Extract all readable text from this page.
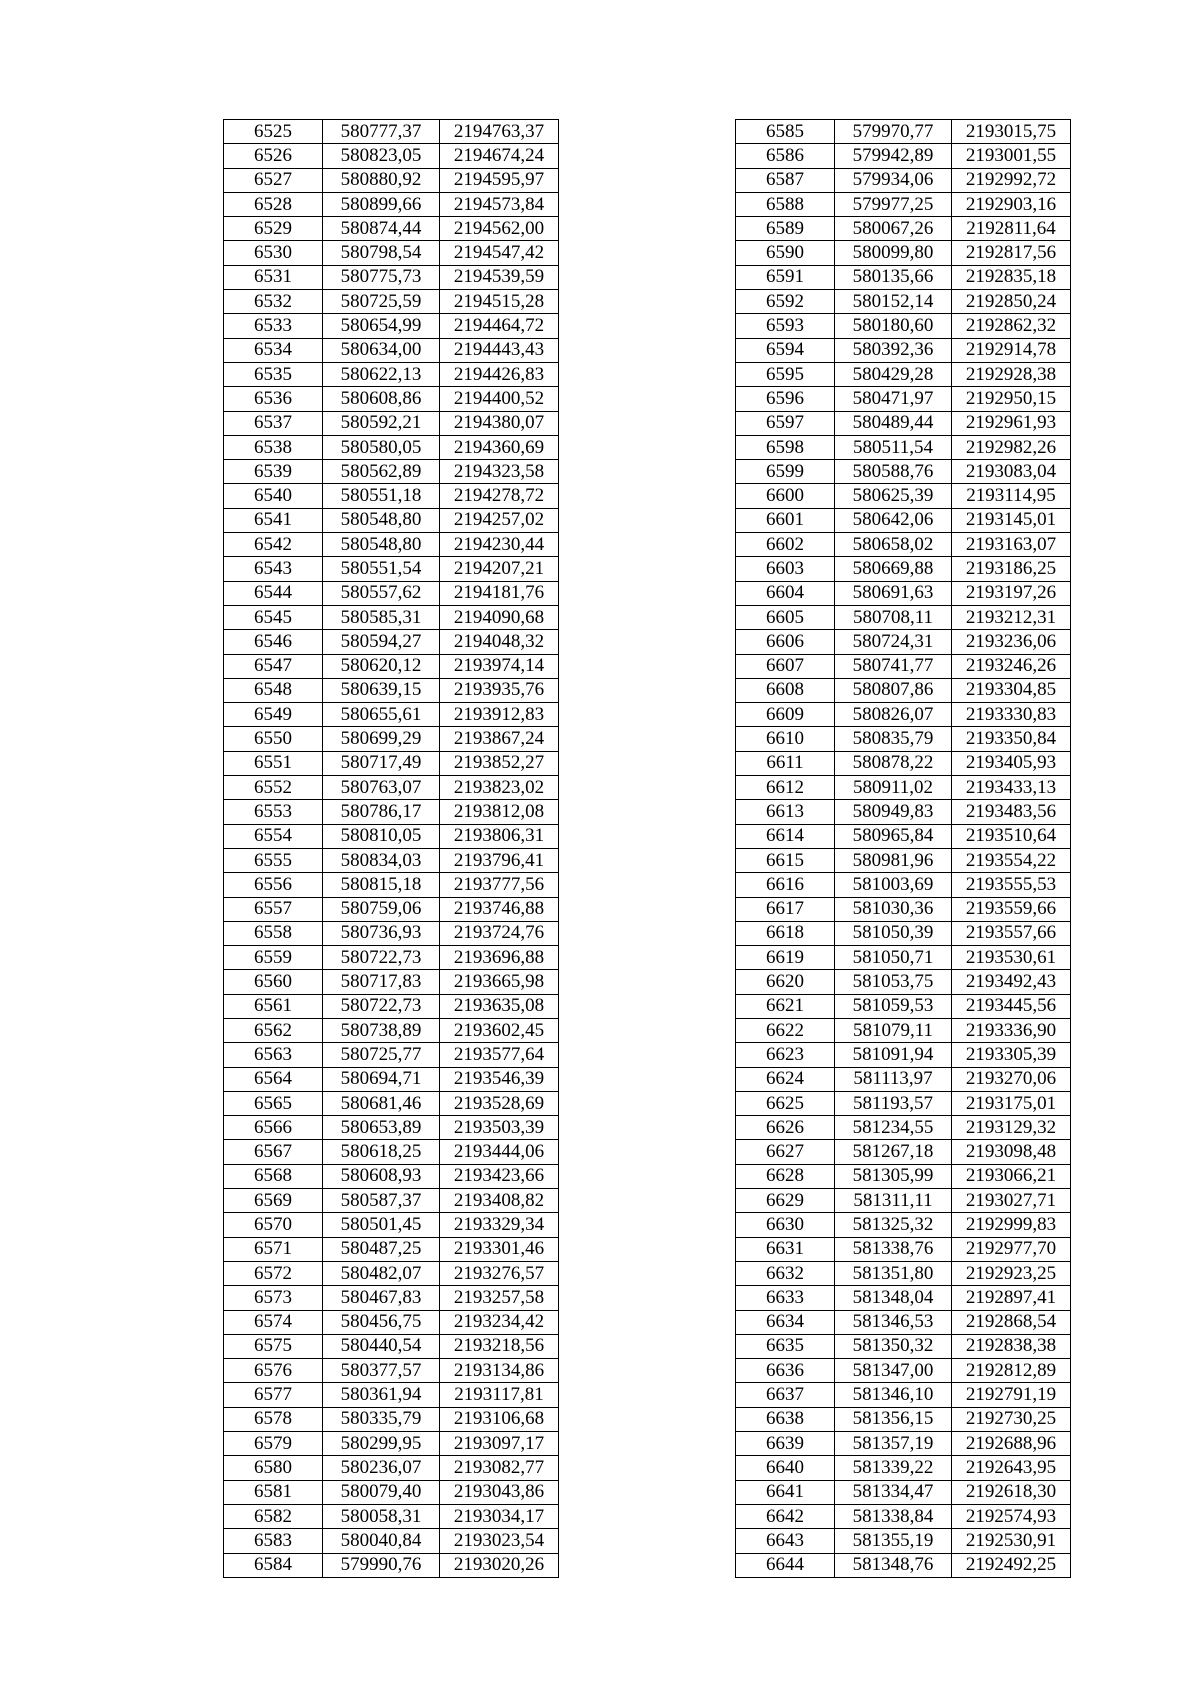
6525	580777,37	2194763,37
6526	580823,05	2194674,24
6527	580880,92	2194595,97
6528	580899,66	2194573,84
6529	580874,44	2194562,00
6530	580798,54	2194547,42
6531	580775,73	2194539,59
6532	580725,59	2194515,28
6533	580654,99	2194464,72
6534	580634,00	2194443,43
6535	580622,13	2194426,83
6536	580608,86	2194400,52
6537	580592,21	2194380,07
6538	580580,05	2194360,69
6539	580562,89	2194323,58
6540	580551,18	2194278,72
6541	580548,80	2194257,02
6542	580548,80	2194230,44
6543	580551,54	2194207,21
6544	580557,62	2194181,76
6545	580585,31	2194090,68
6546	580594,27	2194048,32
6547	580620,12	2193974,14
6548	580639,15	2193935,76
6549	580655,61	2193912,83
6550	580699,29	2193867,24
6551	580717,49	2193852,27
6552	580763,07	2193823,02
6553	580786,17	2193812,08
6554	580810,05	2193806,31
6555	580834,03	2193796,41
6556	580815,18	2193777,56
6557	580759,06	2193746,88
6558	580736,93	2193724,76
6559	580722,73	2193696,88
6560	580717,83	2193665,98
6561	580722,73	2193635,08
6562	580738,89	2193602,45
6563	580725,77	2193577,64
6564	580694,71	2193546,39
6565	580681,46	2193528,69
6566	580653,89	2193503,39
6567	580618,25	2193444,06
6568	580608,93	2193423,66
6569	580587,37	2193408,82
6570	580501,45	2193329,34
6571	580487,25	2193301,46
6572	580482,07	2193276,57
6573	580467,83	2193257,58
6574	580456,75	2193234,42
6575	580440,54	2193218,56
6576	580377,57	2193134,86
6577	580361,94	2193117,81
6578	580335,79	2193106,68
6579	580299,95	2193097,17
6580	580236,07	2193082,77
6581	580079,40	2193043,86
6582	580058,31	2193034,17
6583	580040,84	2193023,54
6584	579990,76	2193020,26
6585	579970,77	2193015,75
6586	579942,89	2193001,55
6587	579934,06	2192992,72
6588	579977,25	2192903,16
6589	580067,26	2192811,64
6590	580099,80	2192817,56
6591	580135,66	2192835,18
6592	580152,14	2192850,24
6593	580180,60	2192862,32
6594	580392,36	2192914,78
6595	580429,28	2192928,38
6596	580471,97	2192950,15
6597	580489,44	2192961,93
6598	580511,54	2192982,26
6599	580588,76	2193083,04
6600	580625,39	2193114,95
6601	580642,06	2193145,01
6602	580658,02	2193163,07
6603	580669,88	2193186,25
6604	580691,63	2193197,26
6605	580708,11	2193212,31
6606	580724,31	2193236,06
6607	580741,77	2193246,26
6608	580807,86	2193304,85
6609	580826,07	2193330,83
6610	580835,79	2193350,84
6611	580878,22	2193405,93
6612	580911,02	2193433,13
6613	580949,83	2193483,56
6614	580965,84	2193510,64
6615	580981,96	2193554,22
6616	581003,69	2193555,53
6617	581030,36	2193559,66
6618	581050,39	2193557,66
6619	581050,71	2193530,61
6620	581053,75	2193492,43
6621	581059,53	2193445,56
6622	581079,11	2193336,90
6623	581091,94	2193305,39
6624	581113,97	2193270,06
6625	581193,57	2193175,01
6626	581234,55	2193129,32
6627	581267,18	2193098,48
6628	581305,99	2193066,21
6629	581311,11	2193027,71
6630	581325,32	2192999,83
6631	581338,76	2192977,70
6632	581351,80	2192923,25
6633	581348,04	2192897,41
6634	581346,53	2192868,54
6635	581350,32	2192838,38
6636	581347,00	2192812,89
6637	581346,10	2192791,19
6638	581356,15	2192730,25
6639	581357,19	2192688,96
6640	581339,22	2192643,95
6641	581334,47	2192618,30
6642	581338,84	2192574,93
6643	581355,19	2192530,91
6644	581348,76	2192492,25
